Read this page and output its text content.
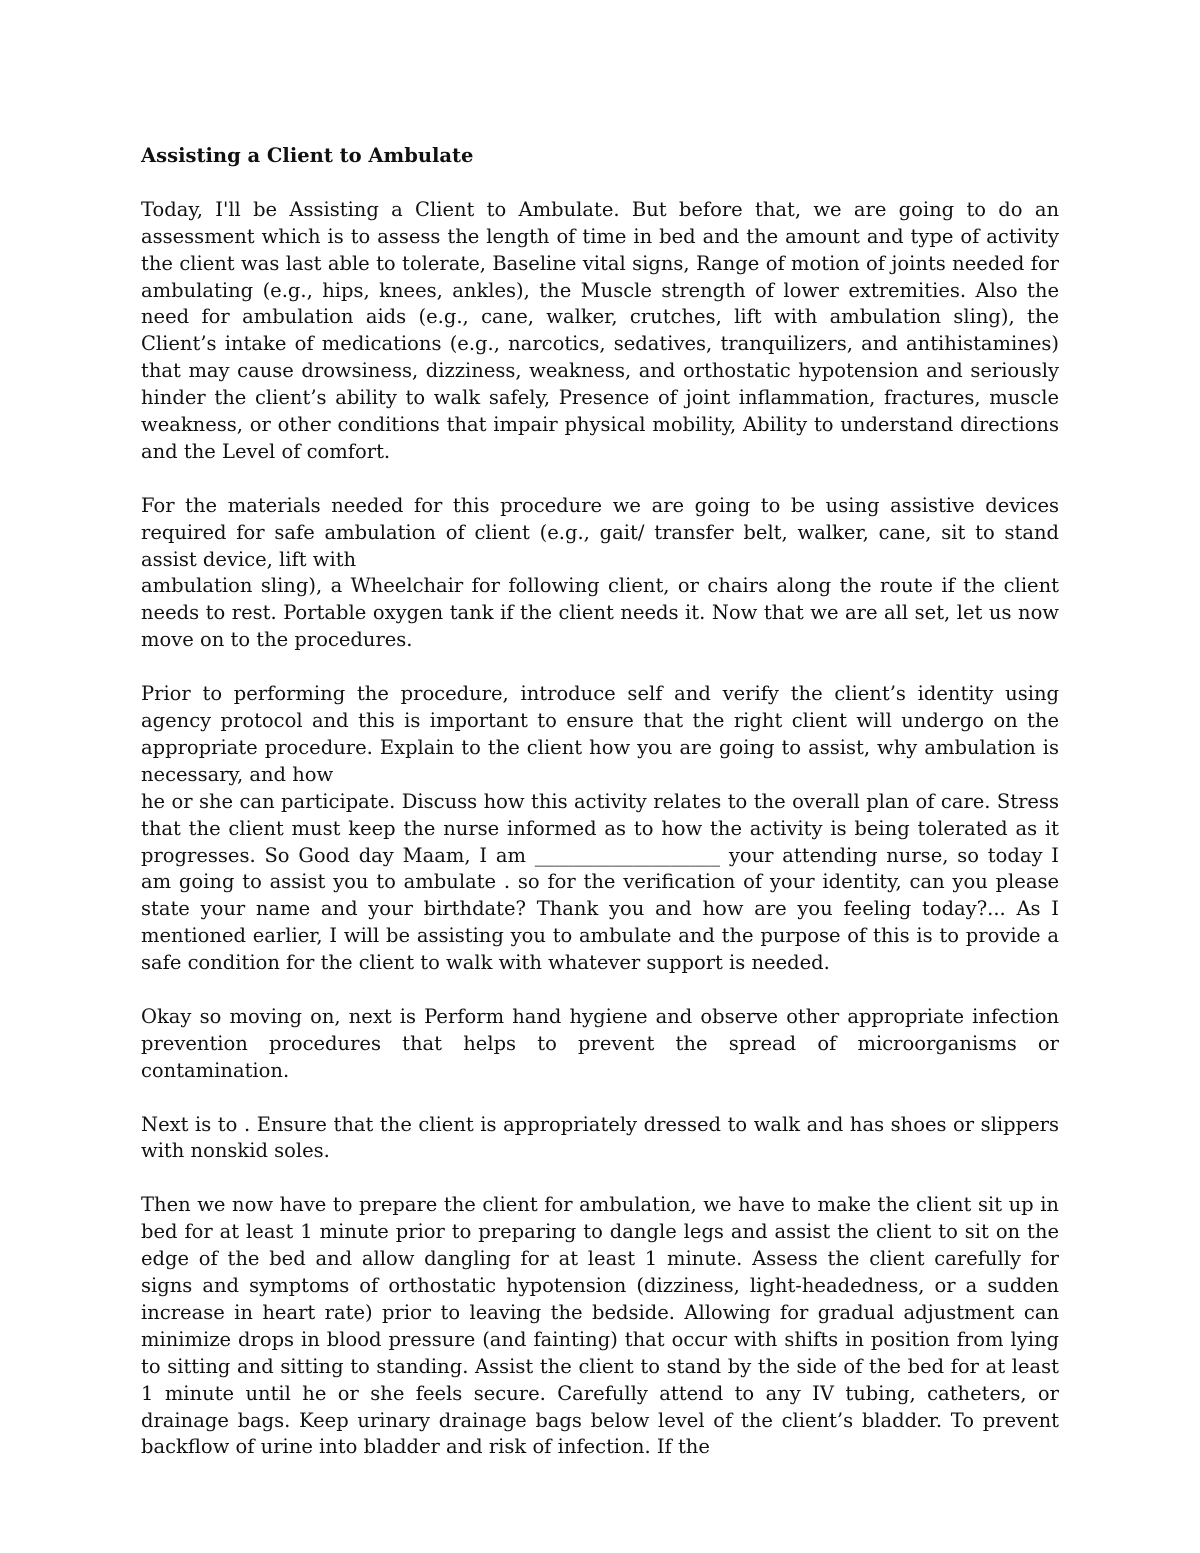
Assisting a Client to Ambulate
Today, I'll be Assisting a Client to Ambulate. But before that, we are going to do an assessment which is to assess the length of time in bed and the amount and type of activity the client was last able to tolerate, Baseline vital signs, Range of motion of joints needed for ambulating (e.g., hips, knees, ankles), the Muscle strength of lower extremities. Also the need for ambulation aids (e.g., cane, walker, crutches, lift with ambulation sling), the Client’s intake of medications (e.g., narcotics, sedatives, tranquilizers, and antihistamines) that may cause drowsiness, dizziness, weakness, and orthostatic hypotension and seriously hinder the client’s ability to walk safely, Presence of joint inflammation, fractures, muscle weakness, or other conditions that impair physical mobility, Ability to understand directions and the Level of comfort.
For the materials needed for this procedure we are going to be using assistive devices required for safe ambulation of client (e.g., gait/ transfer belt, walker, cane, sit to stand assist device, lift with
ambulation sling), a Wheelchair for following client, or chairs along the route if the client needs to rest. Portable oxygen tank if the client needs it. Now that we are all set, let us now move on to the procedures.
Prior to performing the procedure, introduce self and verify the client’s identity using agency protocol and this is important to ensure that the right client will undergo on the appropriate procedure. Explain to the client how you are going to assist, why ambulation is necessary, and how
he or she can participate. Discuss how this activity relates to the overall plan of care. Stress that the client must keep the nurse informed as to how the activity is being tolerated as it progresses. So Good day Maam, I am ___________________ your attending nurse, so today I am going to assist you to ambulate . so for the verification of your identity, can you please state your name and your birthdate? Thank you and how are you feeling today?... As I mentioned earlier, I will be assisting you to ambulate and the purpose of this is to provide a safe condition for the client to walk with whatever support is needed.
Okay so moving on, next is Perform hand hygiene and observe other appropriate infection prevention procedures that helps to prevent the spread of microorganisms or contamination.
Next is to . Ensure that the client is appropriately dressed to walk and has shoes or slippers with nonskid soles.
Then we now have to prepare the client for ambulation, we have to make the client sit up in bed for at least 1 minute prior to preparing to dangle legs and assist the client to sit on the edge of the bed and allow dangling for at least 1 minute. Assess the client carefully for signs and symptoms of orthostatic hypotension (dizziness, light-headedness, or a sudden increase in heart rate) prior to leaving the bedside. Allowing for gradual adjustment can minimize drops in blood pressure (and fainting) that occur with shifts in position from lying to sitting and sitting to standing. Assist the client to stand by the side of the bed for at least 1 minute until he or she feels secure. Carefully attend to any IV tubing, catheters, or drainage bags. Keep urinary drainage bags below level of the client’s bladder. To prevent backflow of urine into bladder and risk of infection. If the
